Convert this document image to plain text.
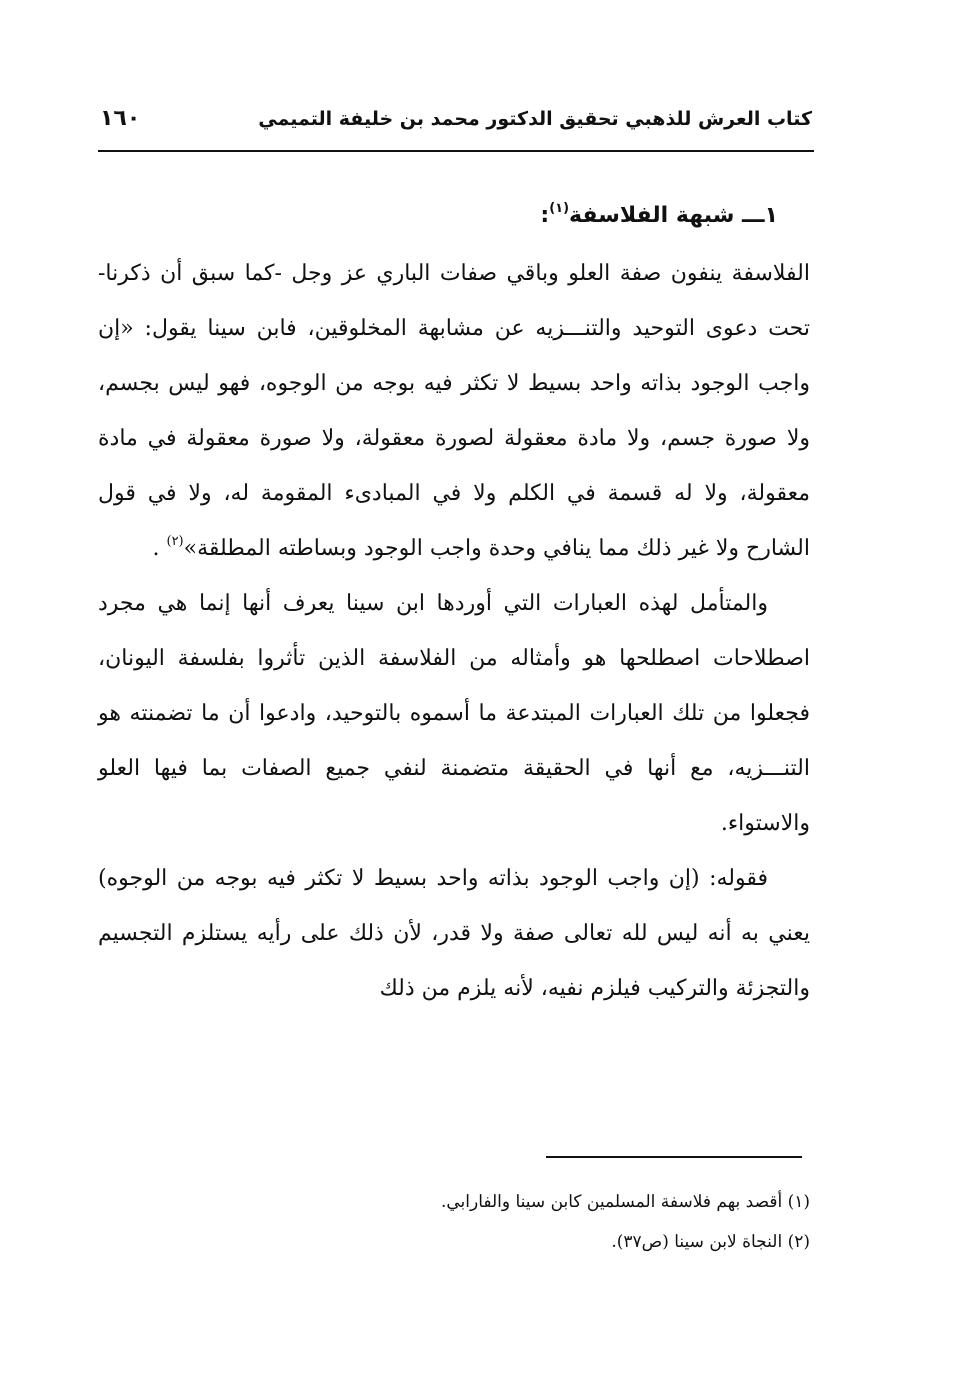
كتاب العرش للذهبي تحقيق الدكتور محمد بن خليفة التميمي
١٦٠

١ـــ شبهة الفلاسفة$^{(١)}$:

الفلاسفة ينفون صفة العلو وباقي صفات الباري عز وجل -كما سبق أن ذكرنا- تحت دعوى التوحيد والتنـــزيه عن مشابهة المخلوقين، فابن سينا يقول: «إن واجب الوجود بذاته واحد بسيط لا تكثر فيه بوجه من الوجوه، فهو ليس بجسم، ولا صورة جسم، ولا مادة معقولة لصورة معقولة، ولا صورة معقولة في مادة معقولة، ولا له قسمة في الكلم ولا في المبادىء المقومة له، ولا في قول الشارح ولا غير ذلك مما ينافي وحدة واجب الوجود وبساطته المطلقة»$^{(٢)}$ .

والمتأمل لهذه العبارات التي أوردها ابن سينا يعرف أنها إنما هي مجرد اصطلاحات اصطلحها هو وأمثاله من الفلاسفة الذين تأثروا بفلسفة اليونان، فجعلوا من تلك العبارات المبتدعة ما أسموه بالتوحيد، وادعوا أن ما تضمنته هو التنـــزيه، مع أنها في الحقيقة متضمنة لنفي جميع الصفات بما فيها العلو والاستواء.

فقوله: (إن واجب الوجود بذاته واحد بسيط لا تكثر فيه بوجه من الوجوه) يعني به أنه ليس لله تعالى صفة ولا قدر، لأن ذلك على رأيه يستلزم التجسيم والتجزئة والتركيب فيلزم نفيه، لأنه يلزم من ذلك

(١) أقصد بهم فلاسفة المسلمين كابن سينا والفارابي.

(٢) النجاة لابن سينا (ص٣٧).
